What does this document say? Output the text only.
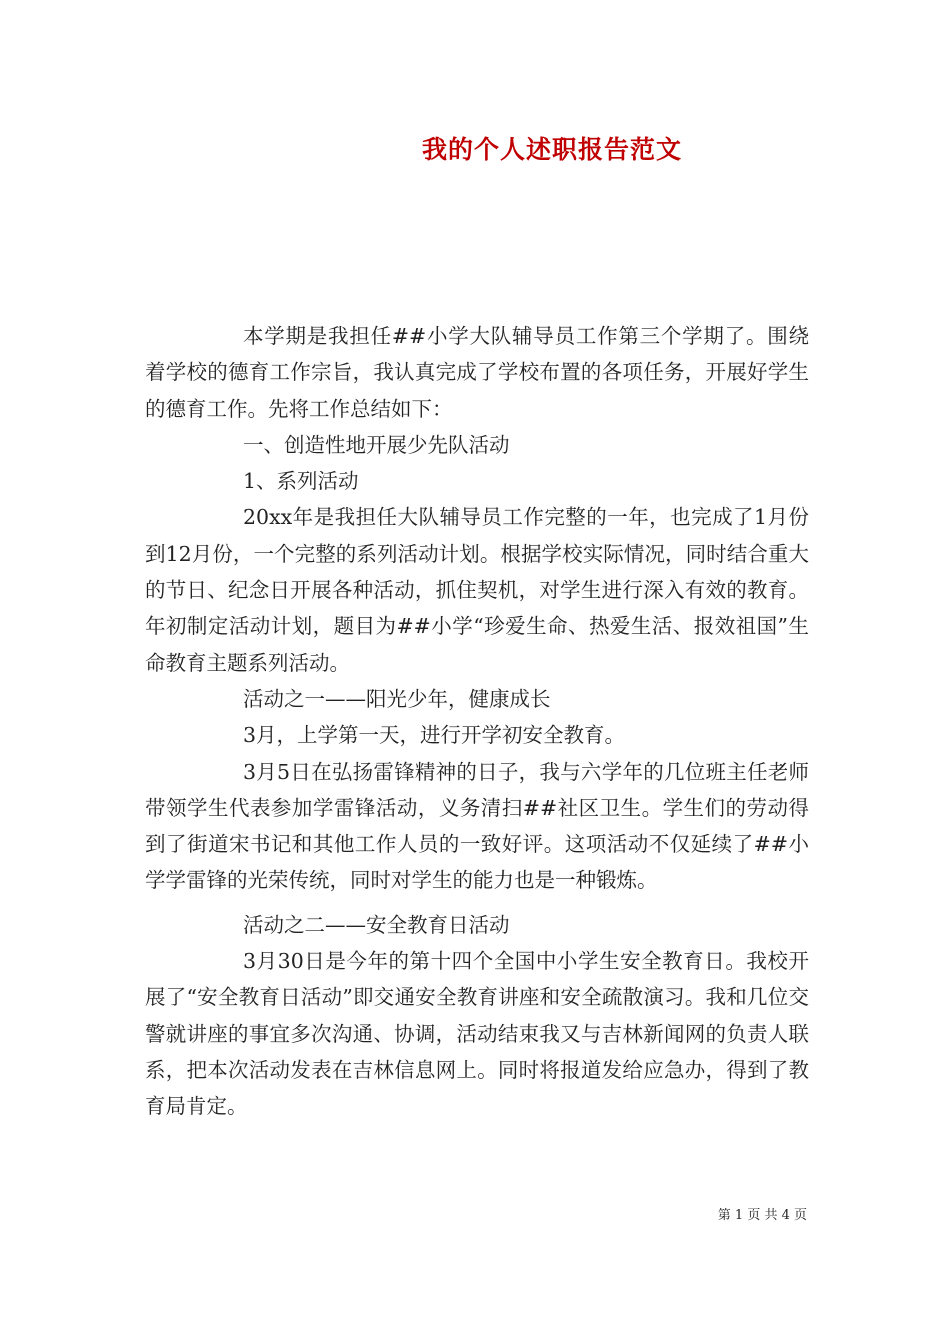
我的个人述职报告范文

本学期是我担任##小学大队辅导员工作第三个学期了。围绕着学校的德育工作宗旨，我认真完成了学校布置的各项任务，开展好学生的德育工作。先将工作总结如下：

一、创造性地开展少先队活动

1、系列活动

20xx年是我担任大队辅导员工作完整的一年，也完成了1月份到12月份，一个完整的系列活动计划。根据学校实际情况，同时结合重大的节日、纪念日开展各种活动，抓住契机，对学生进行深入有效的教育。年初制定活动计划，题目为##小学“珍爱生命、热爱生活、报效祖国”生命教育主题系列活动。

活动之一——阳光少年，健康成长

3月，上学第一天，进行开学初安全教育。

3月5日在弘扬雷锋精神的日子，我与六学年的几位班主任老师带领学生代表参加学雷锋活动，义务清扫##社区卫生。学生们的劳动得到了街道宋书记和其他工作人员的一致好评。这项活动不仅延续了##小学学雷锋的光荣传统，同时对学生的能力也是一种锻炼。

活动之二——安全教育日活动

3月30日是今年的第十四个全国中小学生安全教育日。我校开展了“安全教育日活动”即交通安全教育讲座和安全疏散演习。我和几位交警就讲座的事宜多次沟通、协调，活动结束我又与吉林新闻网的负责人联系，把本次活动发表在吉林信息网上。同时将报道发给应急办，得到了教育局肯定。

第 1 页 共 4 页
